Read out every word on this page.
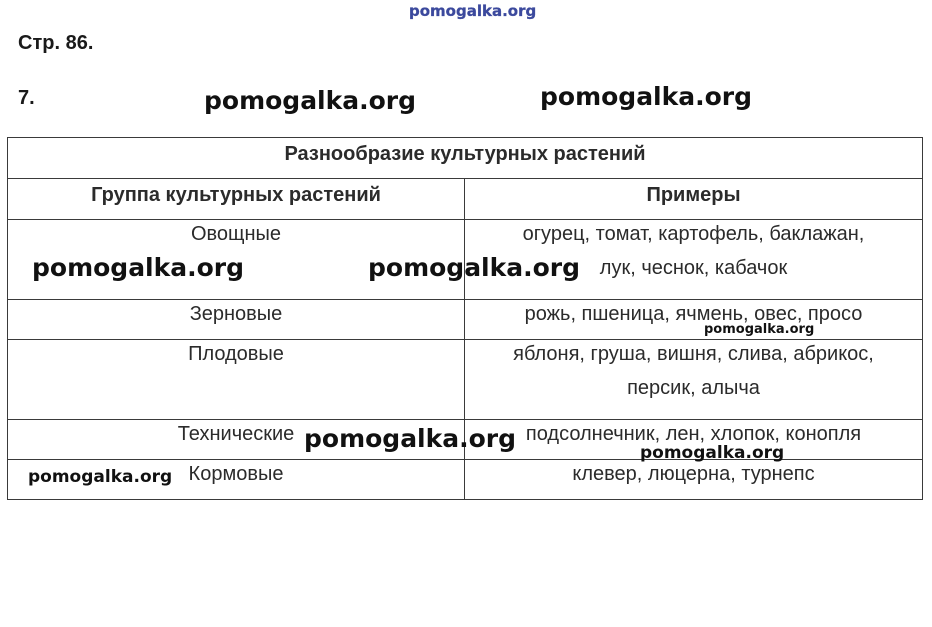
pomogalka.org
Стр. 86.
7.	pomogalka.org	pomogalka.org
Разнообразие культурных растений	
Группа культурных растений	Примеры

Овощные	огурец, томат, картофель, баклажан,
лук, чеснок, кабачок

Зерновые	рожь, пшеница, ячмень, овес, просо

Плодовые	яблоня, груша, вишня, слива, абрикос,
персик, алыча

Технические	подсолнечник, лен, хлопок, конопля

Кормовые	клевер, люцерна, турнепс
pomogalka.org	pomogalka.org
pomogalka.org
pomogalka.org	pomogalka.org
pomogalka.org
